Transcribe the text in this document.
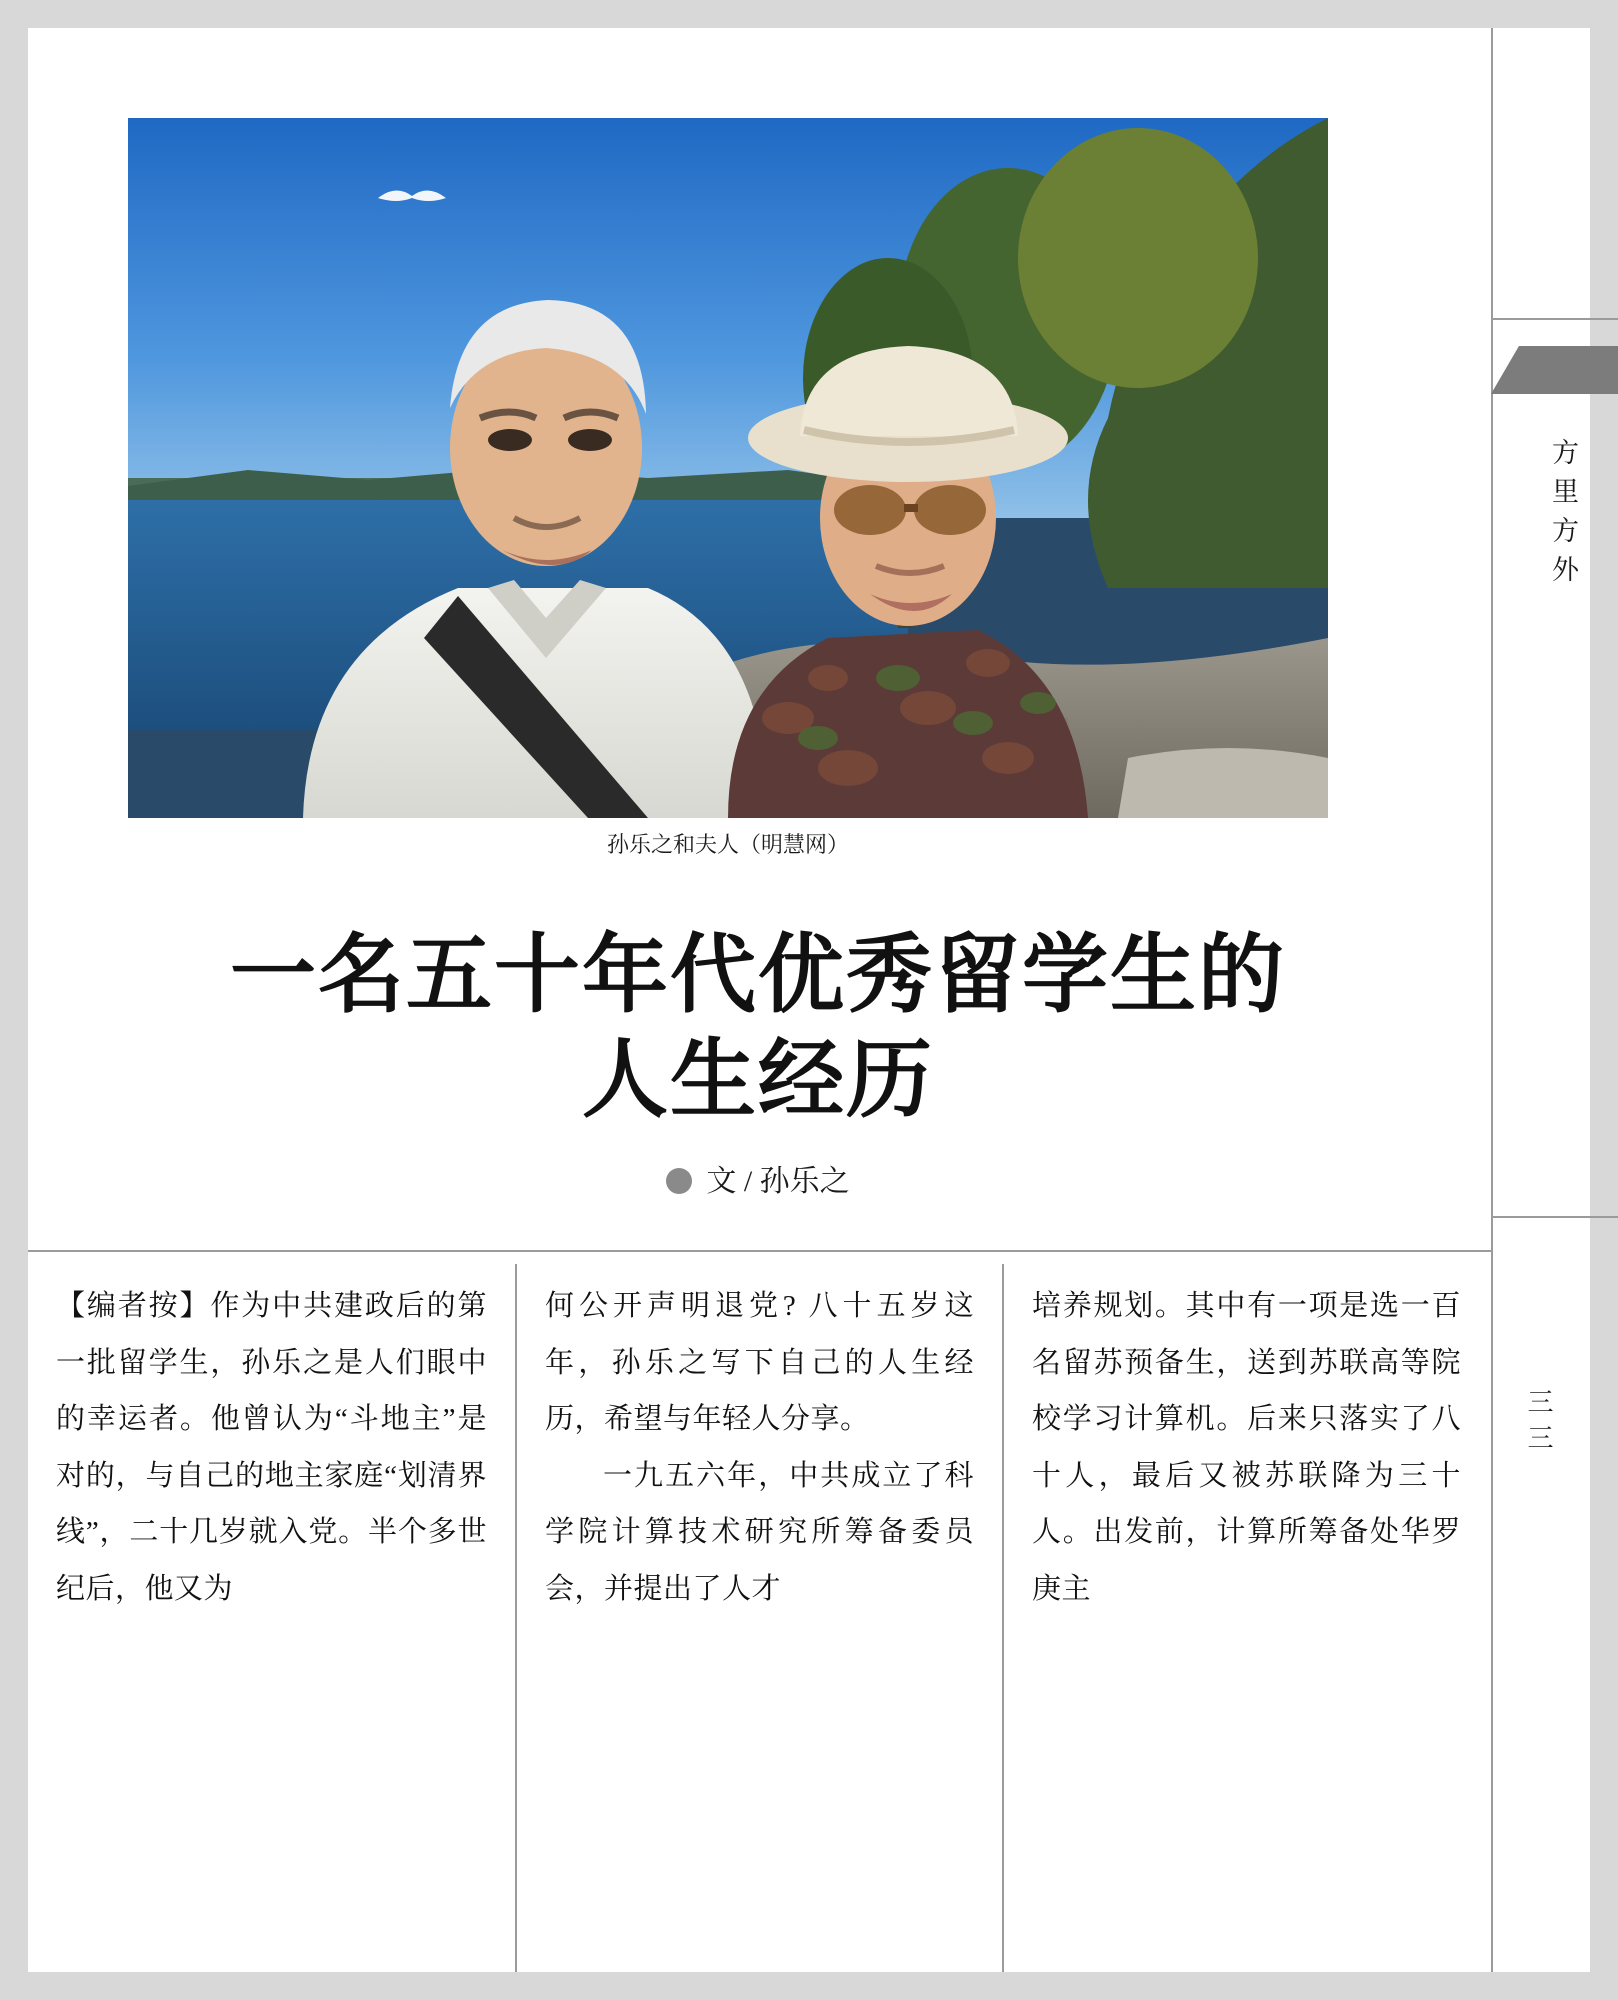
孙乐之和夫人（明慧网）
一名五十年代优秀留学生的
人生经历
文 / 孙乐之

【编者按】作为中共建政后的第一批留学生，孙乐之是人们眼中的幸运者。他曾认为“斗地主”是对的，与自己的地主家庭“划清界线”，二十几岁就入党。半个多世纪后，他又为

何公开声明退党? 八十五岁这年，孙乐之写下自己的人生经历，希望与年轻人分享。

一九五六年，中共成立了科学院计算技术研究所筹备委员会，并提出了人才

培养规划。其中有一项是选一百名留苏预备生，送到苏联高等院校学习计算机。后来只落实了八十人，最后又被苏联降为三十人。出发前，计算所筹备处华罗庚主

方里方外
三三
